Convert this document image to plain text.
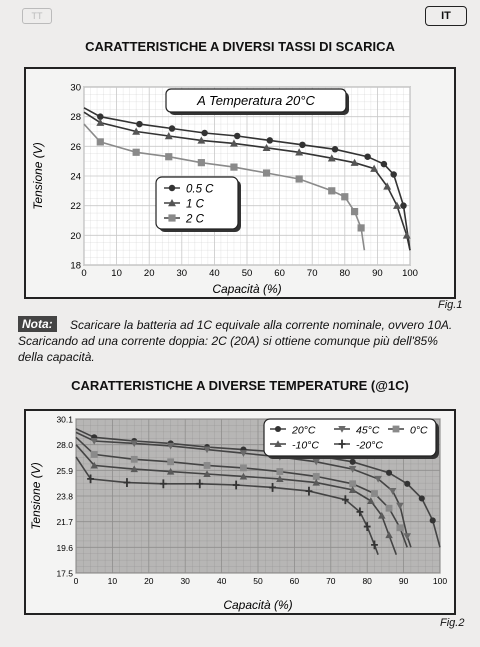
TT	IT
CARATTERISTICHE A DIVERSI TASSI DI SCARICA
0	10 20 30 40 50 60 70 80 90 100
18
20
22
24
26
28
30
Capacità (%)
Tensione (V)	0.5 C
1 C
2 C
A Temperatura 20°C
Fig.1
Scaricare la batteria ad 1C equivale alla corrente nominale, ovvero 10A. Scaricando ad una corrente doppia: 2C (20A) si ottiene comunque più dell'85% della capacità.
Nota:
CARATTERISTICHE A DIVERSE TEMPERATURE (@1C)
0	10	20	30	40	50	60	70	80	90	100
17.5
19.6
21.7
23.8
25.9
28.0
30.1
Capacità (%)
Tensione (V)
20°C	45°C	0°C
-10°C	-20°C
Fig.2
